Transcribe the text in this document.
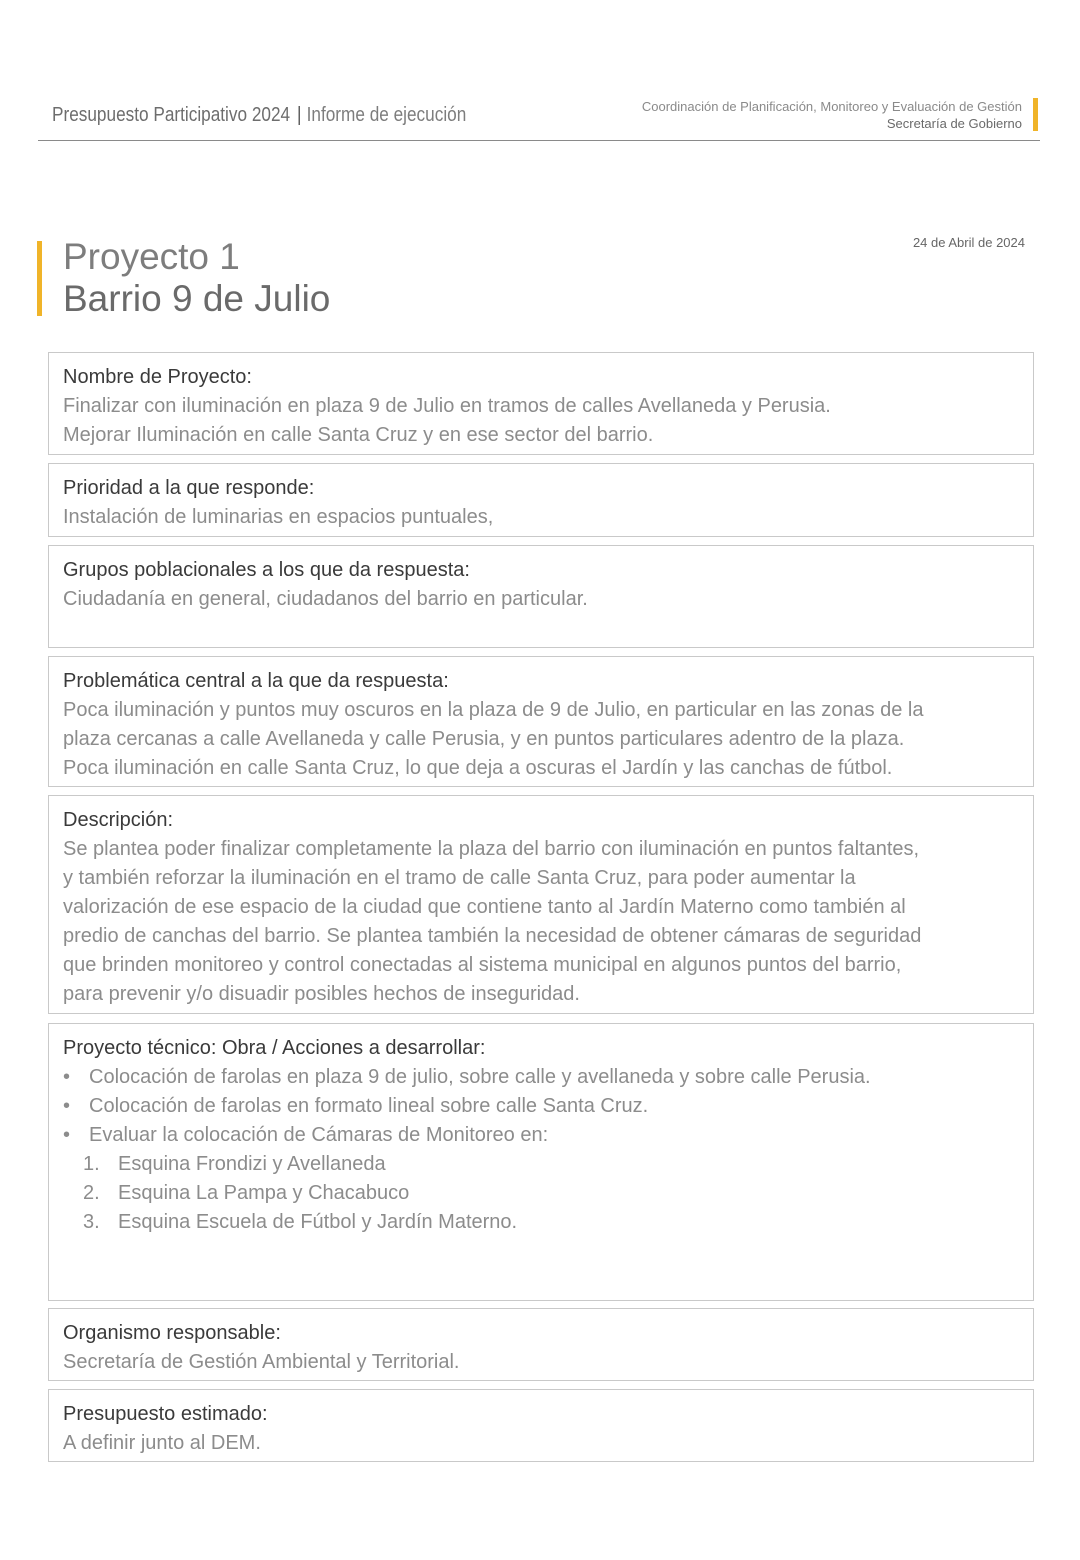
Presupuesto Participativo 2024 | Informe de ejecución	Coordinación de Planificación, Monitoreo y Evaluación de Gestión
Secretaría de Gobierno
24 de Abril de 2024
Proyecto 1
Barrio 9 de Julio
Nombre de Proyecto:

Finalizar con iluminación en plaza 9 de Julio en tramos de calles Avellaneda y Perusia.

Mejorar Iluminación en calle Santa Cruz y en ese sector del barrio.

Prioridad a la que responde:

Instalación de luminarias en espacios puntuales,

Grupos poblacionales a los que da respuesta:

Ciudadanía en general, ciudadanos del barrio en particular.

Problemática central a la que da respuesta:

Poca iluminación y puntos muy oscuros en la plaza de 9 de Julio, en particular en las zonas de la

plaza cercanas a calle Avellaneda y calle Perusia, y en puntos particulares adentro de la plaza.

Poca iluminación en calle Santa Cruz, lo que deja a oscuras el Jardín y las canchas de fútbol.

Descripción:

Se plantea poder finalizar completamente la plaza del barrio con iluminación en puntos faltantes,

y también reforzar la iluminación en el tramo de calle Santa Cruz, para poder aumentar la

valorización de ese espacio de la ciudad que contiene tanto al Jardín Materno como también al

predio de canchas del barrio. Se plantea también la necesidad de obtener cámaras de seguridad

que brinden monitoreo y control conectadas al sistema municipal en algunos puntos del barrio,

para prevenir y/o disuadir posibles hechos de inseguridad.

Proyecto técnico: Obra / Acciones a desarrollar:
• Colocación de farolas en plaza 9 de julio, sobre calle y avellaneda y sobre calle Perusia.
• Colocación de farolas en formato lineal sobre calle Santa Cruz.
• Evaluar la colocación de Cámaras de Monitoreo en:
1. Esquina Frondizi y Avellaneda
2. Esquina La Pampa y Chacabuco
3. Esquina Escuela de Fútbol y Jardín Materno.
Organismo responsable:

Secretaría de Gestión Ambiental y Territorial.

Presupuesto estimado:

A definir junto al DEM.
